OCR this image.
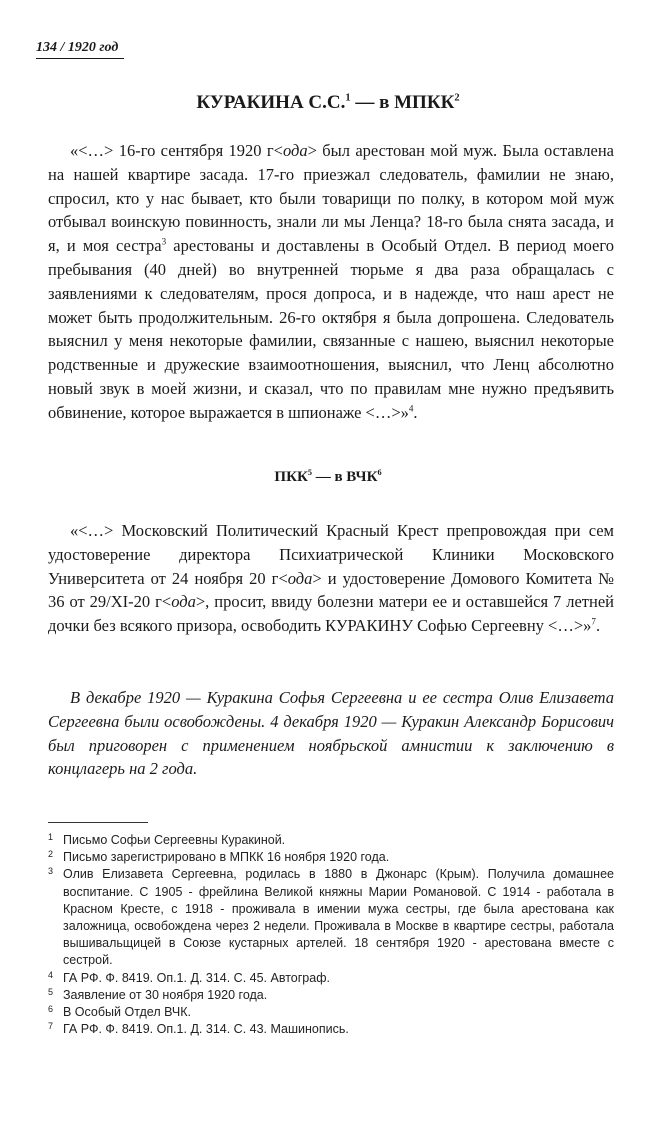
134 / 1920 год
КУРАКИНА С.С.$^1$ — в МПКК$^2$
«<…> 16-го сентября 1920 г<ода> был арестован мой муж. Была оставлена на нашей квартире засада. 17-го приезжал следователь, фамилии не знаю, спросил, кто у нас бывает, кто были товарищи по полку, в котором мой муж отбывал воинскую повинность, знали ли мы Ленца? 18-го была снята засада, и я, и моя сестра$^3$ арестованы и доставлены в Особый Отдел. В период моего пребывания (40 дней) во внутренней тюрьме я два раза обращалась с заявлениями к следователям, прося допроса, и в надежде, что наш арест не может быть продолжительным. 26-го октября я была допрошена. Следователь выяснил у меня некоторые фамилии, связанные с нашею, выяснил некоторые родственные и дружеские взаимоотношения, выяснил, что Ленц абсолютно новый звук в моей жизни, и сказал, что по правилам мне нужно предъявить обвинение, которое выражается в шпионаже <…>»$^4$.
ПКК$^5$ — в ВЧК$^6$
«<…> Московский Политический Красный Крест препровождая при сем удостоверение директора Психиатрической Клиники Московского Университета от 24 ноября 20 г<ода> и удостоверение Домового Комитета № 36 от 29/XI-20 г<ода>, просит, ввиду болезни матери ее и оставшейся 7 летней дочки без всякого призора, освободить КУРАКИНУ Софью Сергеевну <…>»$^7$.
В декабре 1920 — Куракина Софья Сергеевна и ее сестра Олив Елизавета Сергеевна были освобождены. 4 декабря 1920 — Куракин Александр Борисович был приговорен с применением ноябрьской амнистии к заключению в концлагерь на 2 года.
1 Письмо Софьи Сергеевны Куракиной.
2 Письмо зарегистрировано в МПКК 16 ноября 1920 года.
3 Олив Елизавета Сергеевна, родилась в 1880 в Джонарс (Крым). Получила домашнее воспитание. С 1905 - фрейлина Великой княжны Марии Романовой. С 1914 - работала в Красном Кресте, с 1918 - проживала в имении мужа сестры, где была арестована как заложница, освобождена через 2 недели. Проживала в Москве в квартире сестры, работала вышивальщицей в Союзе кустарных артелей. 18 сентября 1920 - арестована вместе с сестрой.
4 ГА РФ. Ф. 8419. Оп.1. Д. 314. С. 45. Автограф.
5 Заявление от 30 ноября 1920 года.
6 В Особый Отдел ВЧК.
7 ГА РФ. Ф. 8419. Оп.1. Д. 314. С. 43. Машинопись.
